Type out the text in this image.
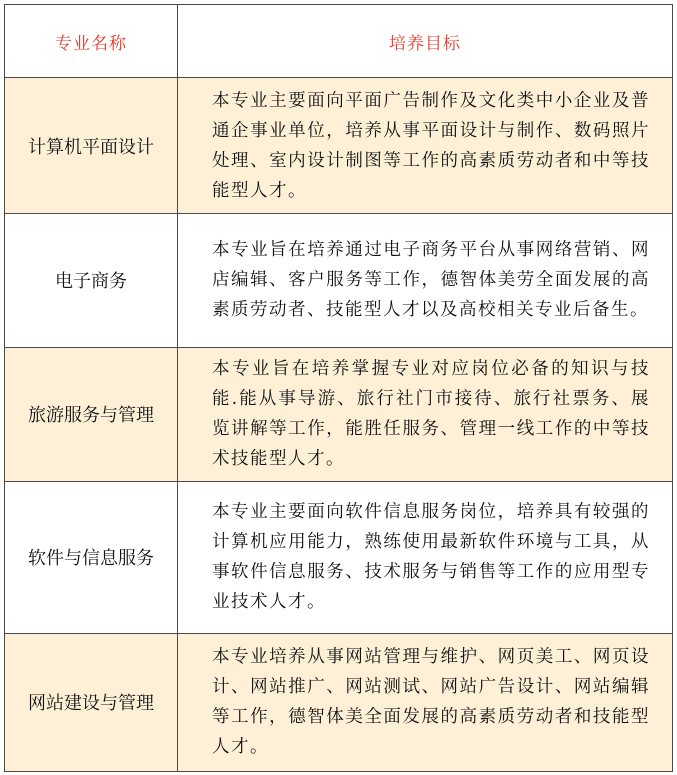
专业名称	培养目标
计算机平面设计	本专业主要面向平面广告制作及文化类中小企业及普通企事业单位，培养从事平面设计与制作、数码照片处理、室内设计制图等工作的高素质劳动者和中等技能型人才。

电子商务	本专业旨在培养通过电子商务平台从事网络营销、网店编辑、客户服务等工作，德智体美劳全面发展的高素质劳动者、技能型人才以及高校相关专业后备生。

旅游服务与管理	本专业旨在培养掌握专业对应岗位必备的知识与技能.能从事导游、旅行社门市接待、旅行社票务、展览讲解等工作，能胜任服务、管理一线工作的中等技术技能型人才。

软件与信息服务	本专业主要面向软件信息服务岗位，培养具有较强的计算机应用能力，熟练使用最新软件环境与工具，从事软件信息服务、技术服务与销售等工作的应用型专业技术人才。

网站建设与管理	本专业培养从事网站管理与维护、网页美工、网页设计、网站推广、网站测试、网站广告设计、网站编辑等工作，德智体美全面发展的高素质劳动者和技能型人才。
